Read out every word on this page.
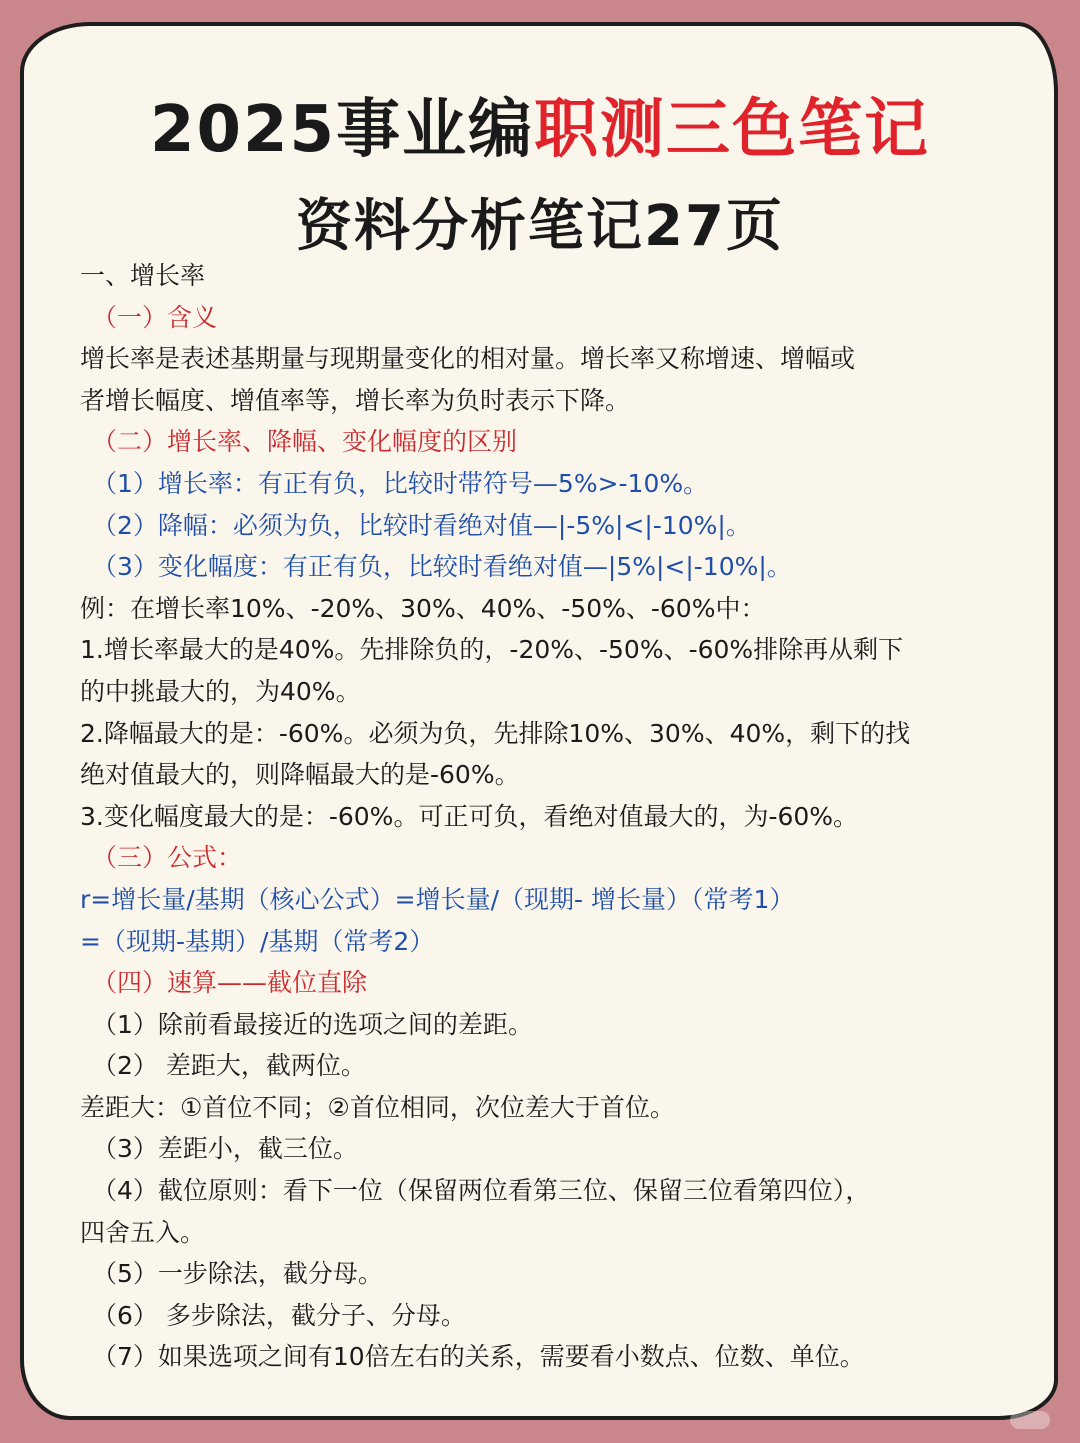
2025事业编职测三色笔记
资料分析笔记27页
一、增长率
（一）含义
增长率是表述基期量与现期量变化的相对量。增长率又称增速、增幅或
者增长幅度、增值率等，增长率为负时表示下降。
（二）增长率、降幅、变化幅度的区别
（1）增长率：有正有负，比较时带符号—5%>-10%。
（2）降幅：必须为负，比较时看绝对值—|-5%|<|-10%|。
（3）变化幅度：有正有负，比较时看绝对值—|5%|<|-10%|。
例：在增长率10%、-20%、30%、40%、-50%、-60%中：
1.增长率最大的是40%。先排除负的，-20%、-50%、-60%排除再从剩下
的中挑最大的，为40%。
2.降幅最大的是：-60%。必须为负，先排除10%、30%、40%，剩下的找
绝对值最大的，则降幅最大的是-60%。
3.变化幅度最大的是：-60%。可正可负，看绝对值最大的，为-60%。
（三）公式：
r=增长量/基期（核心公式）=增长量/（现期- 增长量）（常考1）
=（现期-基期）/基期（常考2）
（四）速算——截位直除
（1）除前看最接近的选项之间的差距。
（2） 差距大，截两位。
差距大：①首位不同；②首位相同，次位差大于首位。
（3）差距小，截三位。
（4）截位原则：看下一位（保留两位看第三位、保留三位看第四位），
四舍五入。
（5）一步除法，截分母。
（6） 多步除法，截分子、分母。
（7）如果选项之间有10倍左右的关系，需要看小数点、位数、单位。
